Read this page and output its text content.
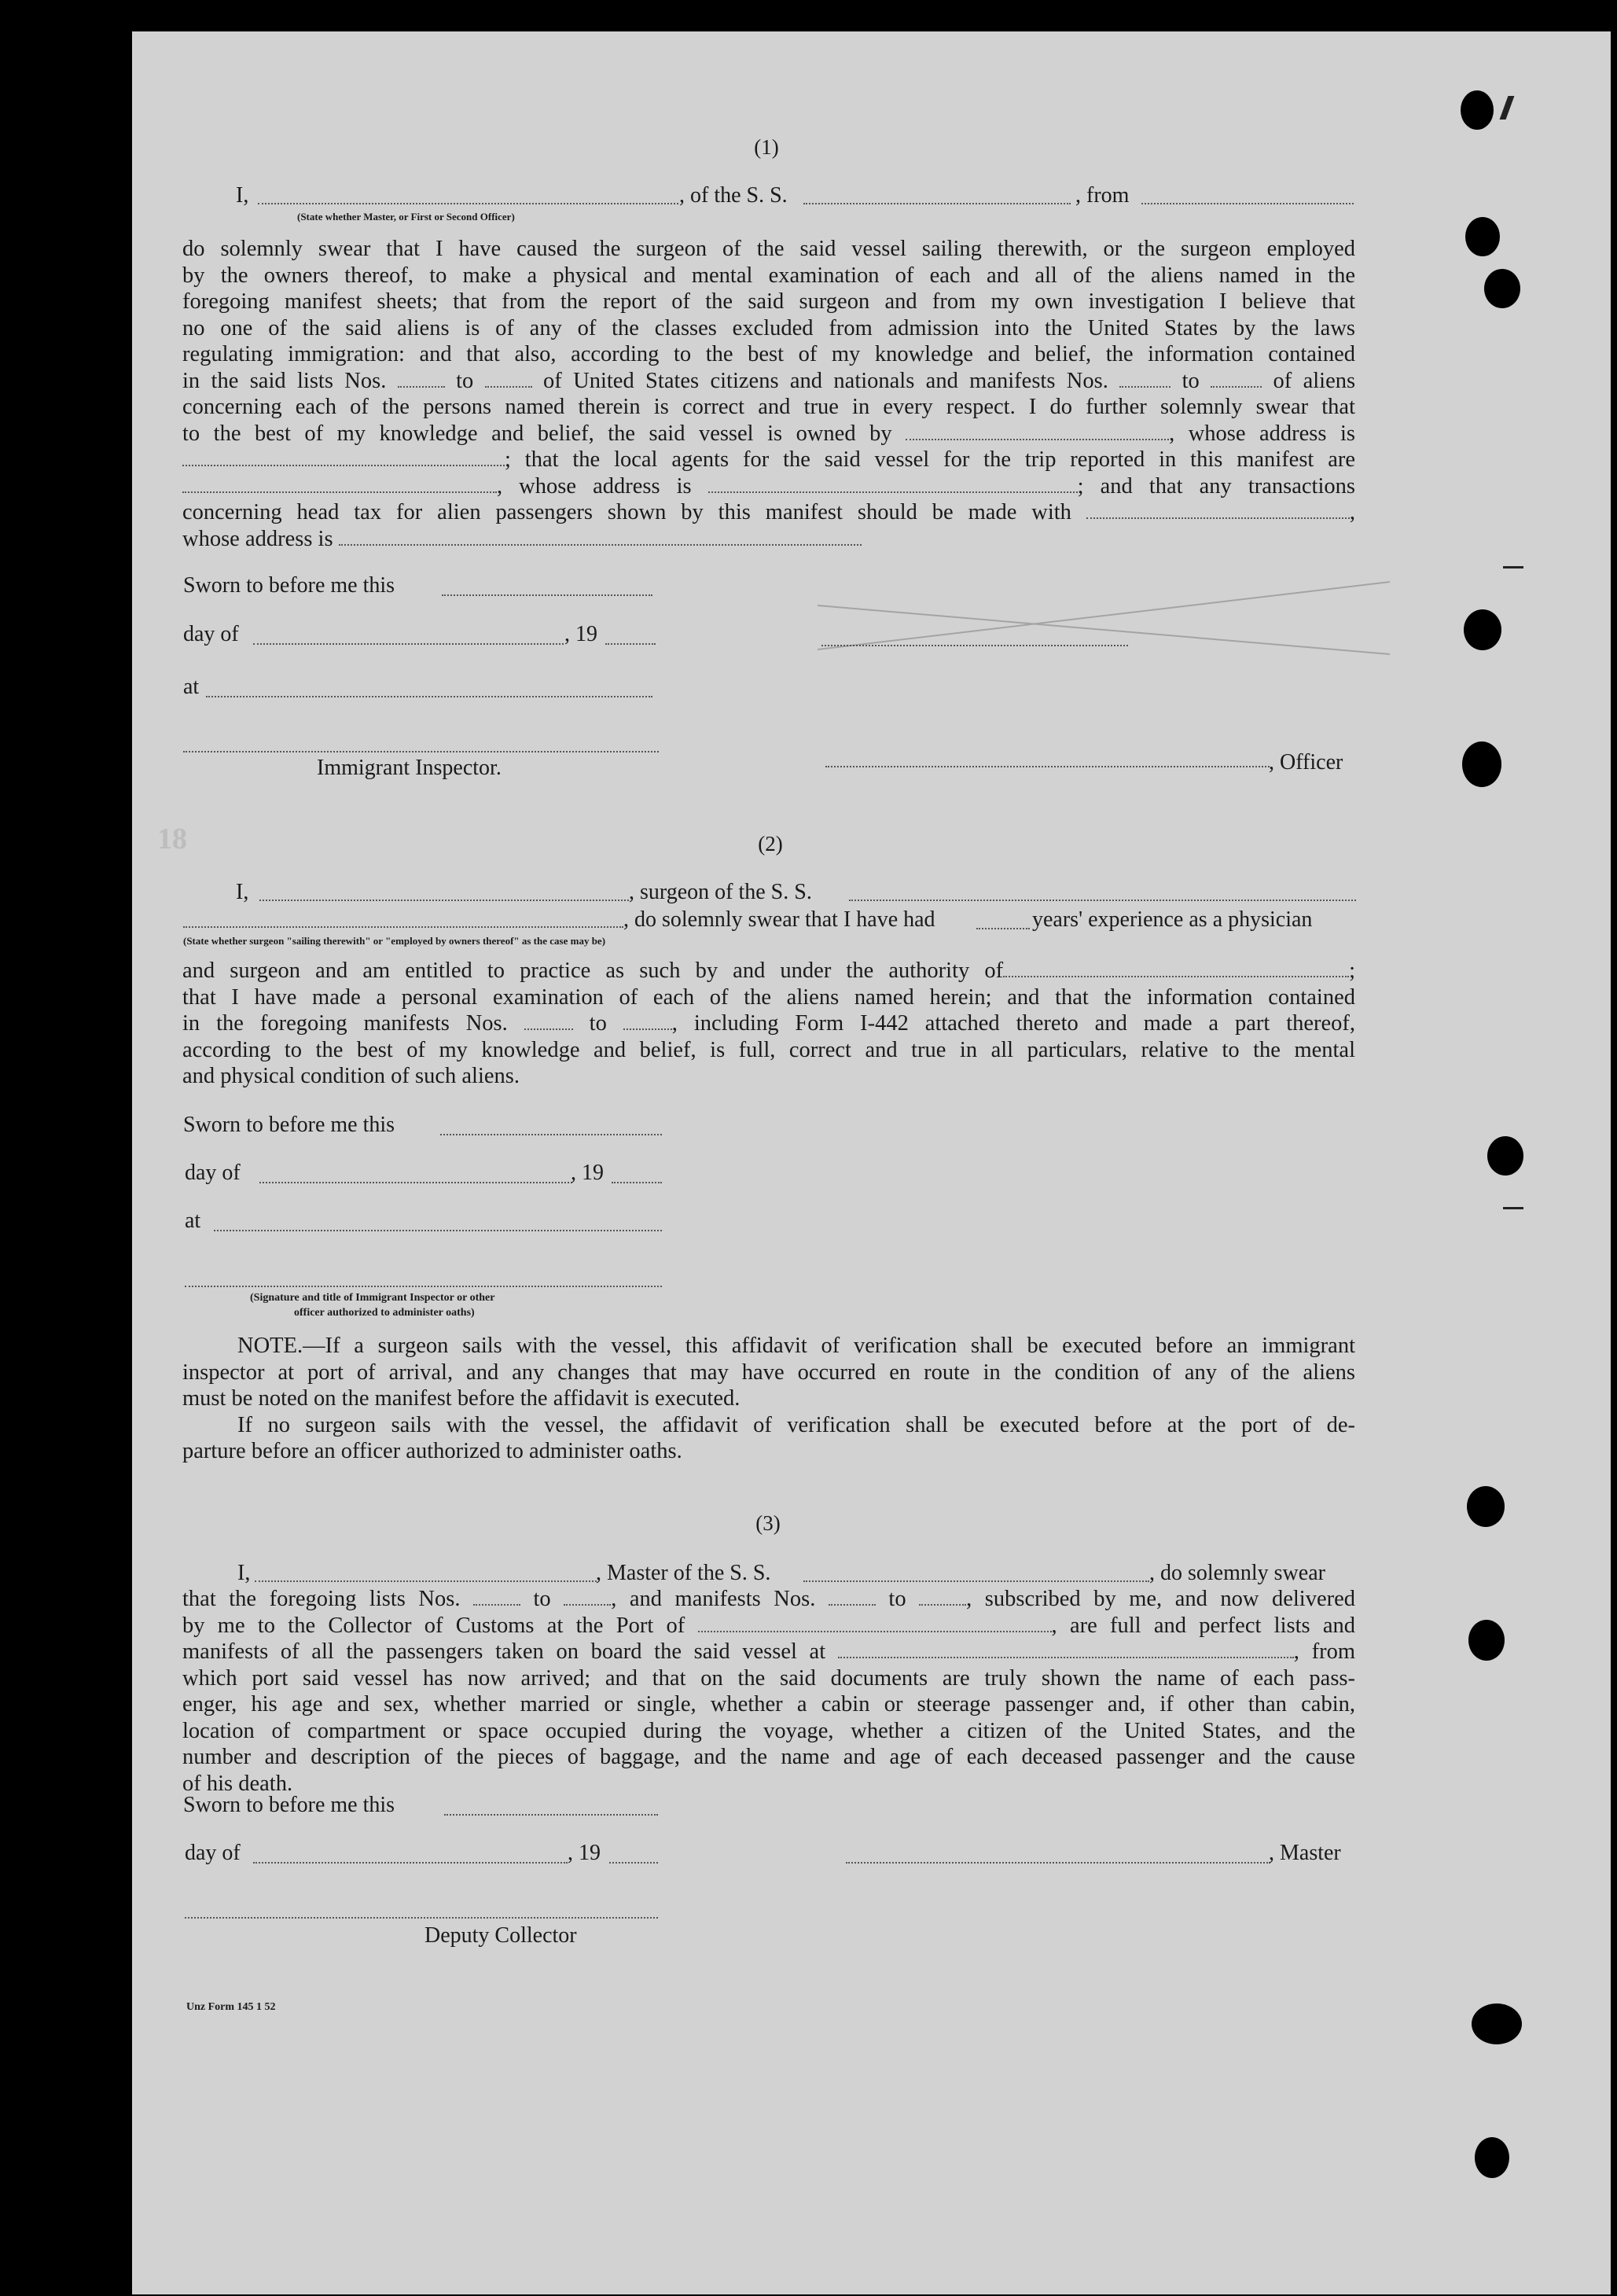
18
(1)
I,	, of the S. S.	, from
(State whether Master, or First or Second Officer)
do solemnly swear that I have caused the surgeon of the said vessel sailing therewith, or the surgeon employed
by the owners thereof, to make a physical and mental examination of each and all of the aliens named in the
foregoing manifest sheets; that from the report of the said surgeon and from my own investigation I believe that
no one of the said aliens is of any of the classes excluded from admission into the United States by the laws
regulating immigration: and that also, according to the best of my knowledge and belief, the information contained
in the said lists Nos.	to	of United States citizens and nationals and manifests Nos.	to	of aliens
concerning each of the persons named therein is correct and true in every respect. I do further solemnly swear that
to the best of my knowledge and belief, the said vessel is owned by	, whose address is
; that the local agents for the said vessel for the trip reported in this manifest are
, whose address is	; and that any transactions
concerning head tax for alien passengers shown by this manifest should be made with	,
whose address is
Sworn to before me this
day of	, 19
at
Immigrant Inspector.	, Officer
(2)
I,	, surgeon of the S. S.
, do solemnly swear that I have had	years' experience as a physician
(State whether surgeon "sailing therewith" or "employed by owners thereof" as the case may be)
and surgeon and am entitled to practice as such by and under the authority of	;
that I have made a personal examination of each of the aliens named herein; and that the information contained
in the foregoing manifests Nos.	to	, including Form I-442 attached thereto and made a part thereof,
according to the best of my knowledge and belief, is full, correct and true in all particulars, relative to the mental
and physical condition of such aliens.
Sworn to before me this
day of	, 19
at
(Signature and title of Immigrant Inspector or other
officer authorized to administer oaths)
NOTE.—If a surgeon sails with the vessel, this affidavit of verification shall be executed before an immigrant
inspector at port of arrival, and any changes that may have occurred en route in the condition of any of the aliens
must be noted on the manifest before the affidavit is executed.
If no surgeon sails with the vessel, the affidavit of verification shall be executed before at the port of de-
parture before an officer authorized to administer oaths.
(3)
I,	, Master of the S. S.	, do solemnly swear
that the foregoing lists Nos.	to	, and manifests Nos.	to	, subscribed by me, and now delivered
by me to the Collector of Customs at the Port of	, are full and perfect lists and
manifests of all the passengers taken on board the said vessel at	, from
which port said vessel has now arrived; and that on the said documents are truly shown the name of each pass-
enger, his age and sex, whether married or single, whether a cabin or steerage passenger and, if other than cabin,
location of compartment or space occupied during the voyage, whether a citizen of the United States, and the
number and description of the pieces of baggage, and the name and age of each deceased passenger and the cause
of his death.
Sworn to before me this
day of	, 19	, Master
Deputy Collector
Unz Form 145 1 52
